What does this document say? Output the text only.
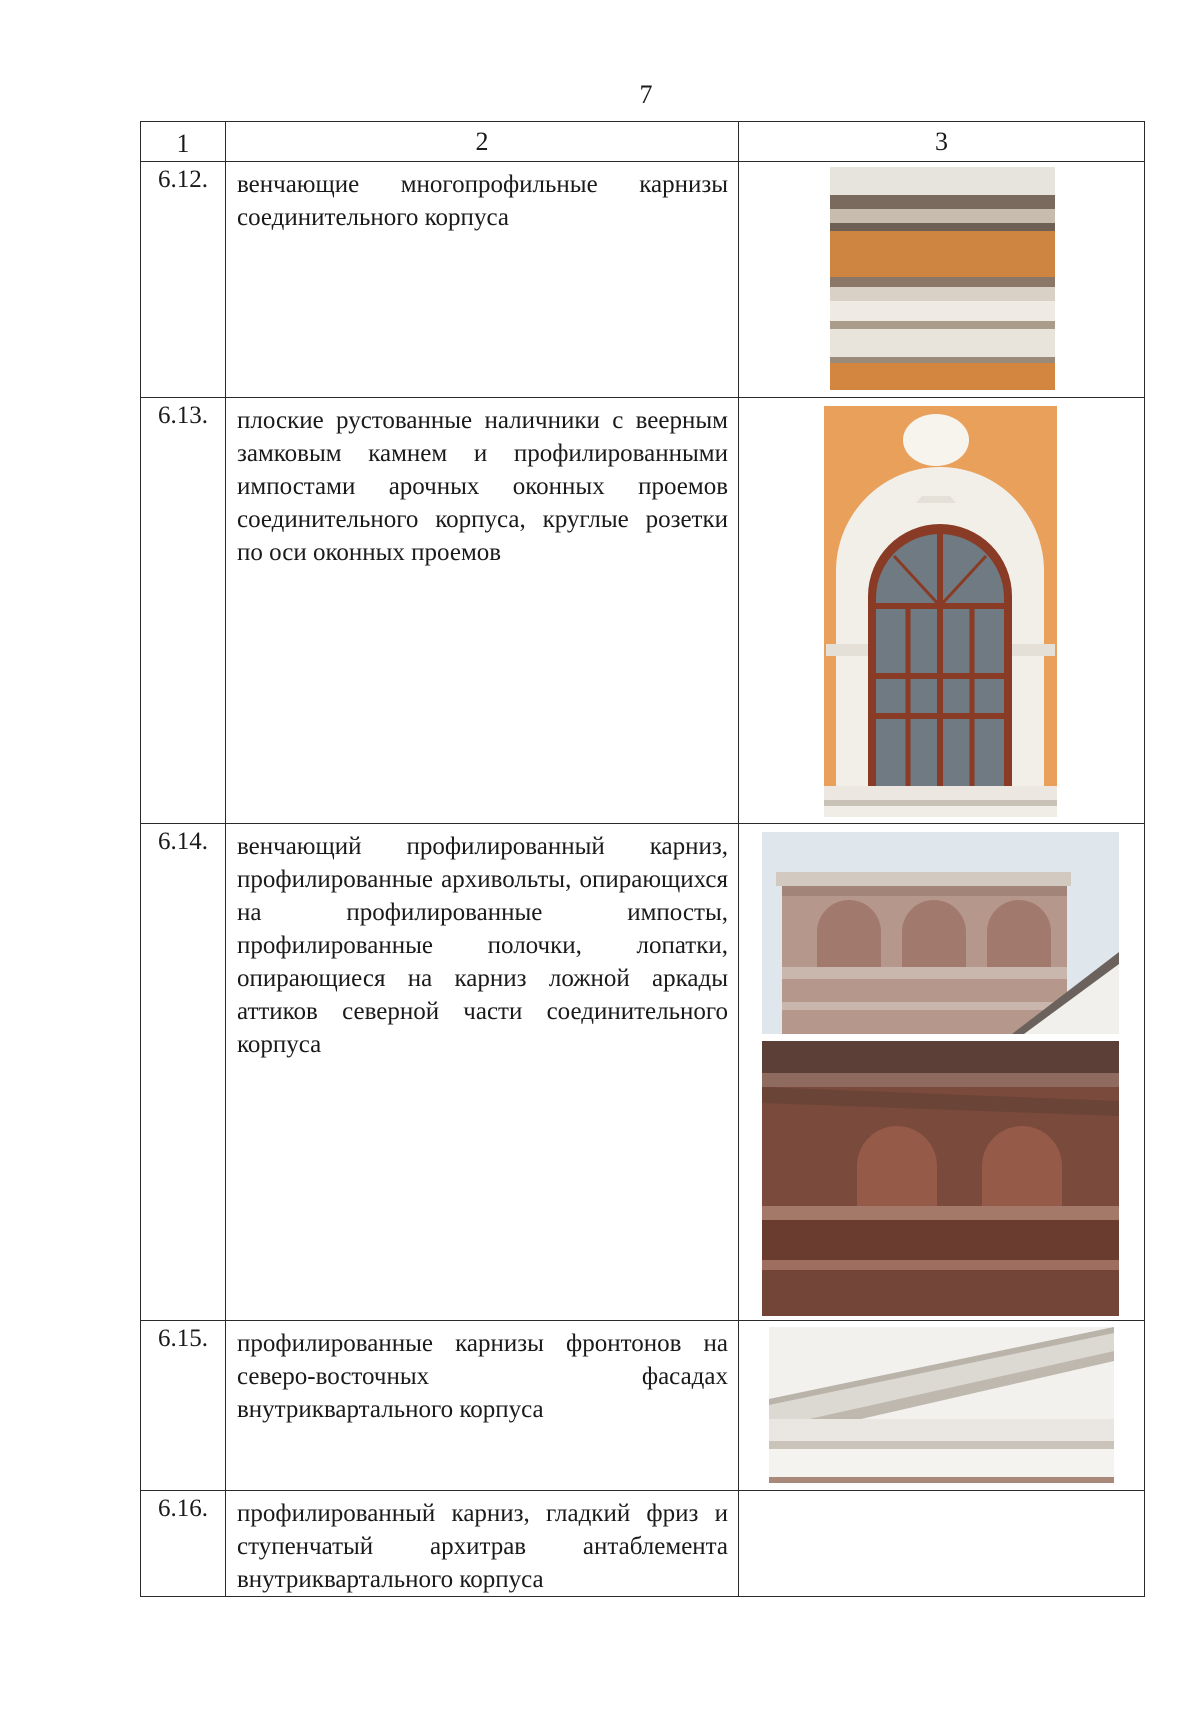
7
1	2	3
6.12.	венчающие многопрофильные карнизы соединительного корпуса

6.13.	плоские рустованные наличники с веерным замковым камнем и профилированными импостами арочных оконных проемов соединительного корпуса, круглые розетки по оси оконных проемов

6.14.	венчающий профилированный карниз, профилированные архивольты, опирающихся на профилированные импосты, профилированные полочки, лопатки, опирающиеся на карниз ложной аркады аттиков северной части соединительного корпуса

6.15.	профилированные карнизы фронтонов на северо-восточных фасадах внутриквартального корпуса

6.16.	профилированный карниз, гладкий фриз и ступенчатый архитрав антаблемента внутриквартального корпуса	
